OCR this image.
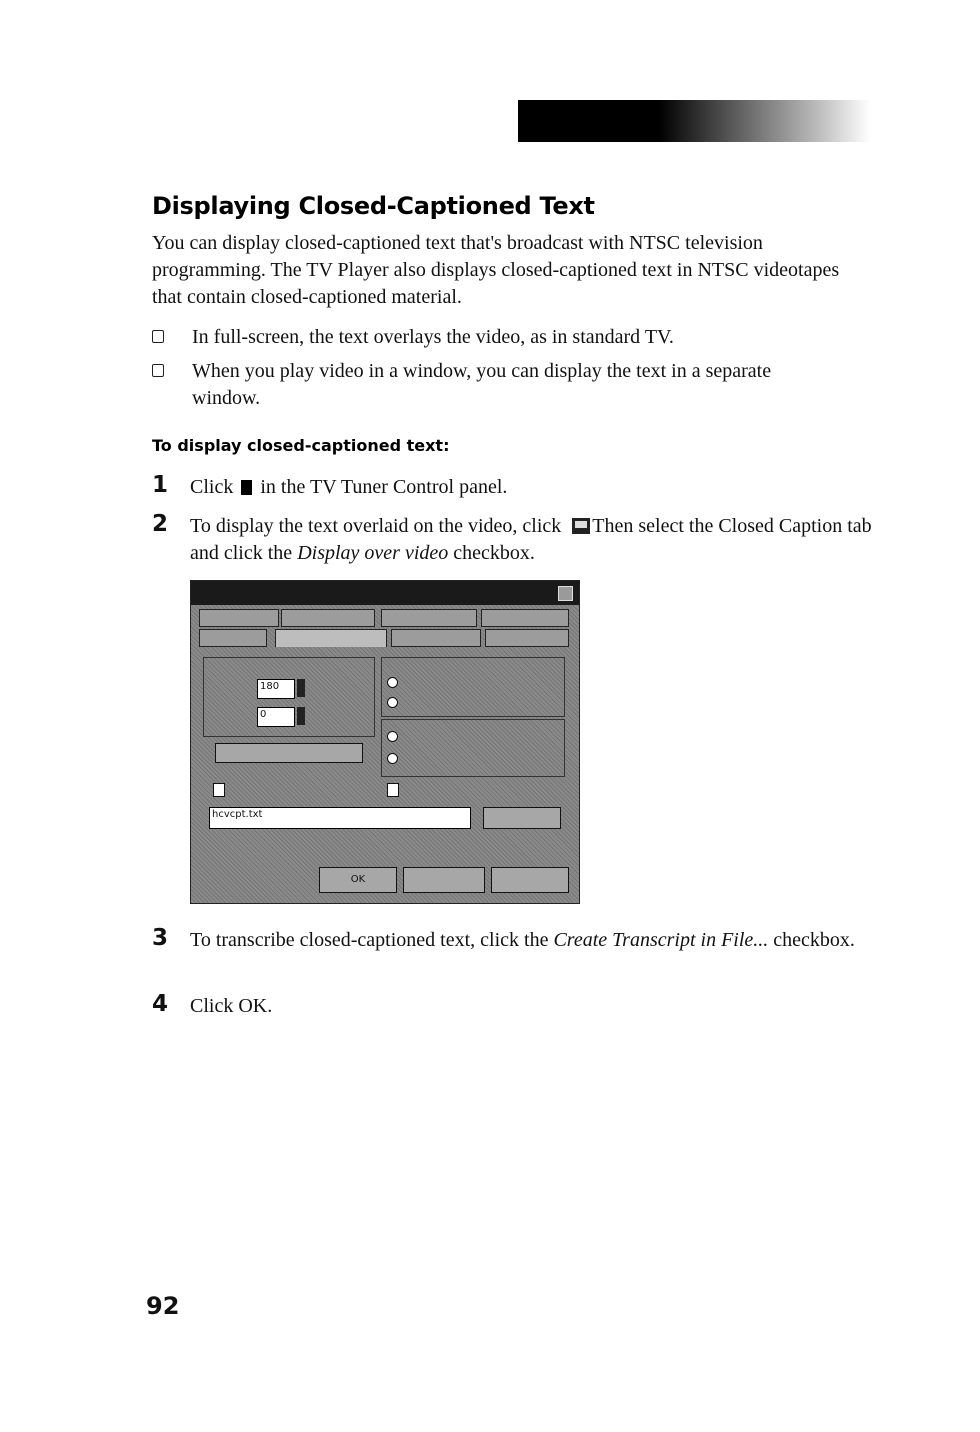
Displaying Closed-Captioned Text

You can display closed-captioned text that's broadcast with NTSC television programming. The TV Player also displays closed-captioned text in NTSC videotapes that contain closed-captioned material.

In full-screen, the text overlays the video, as in standard TV.
When you play video in a window, you can display the text in a separate window.
To display closed-captioned text:
1 Click in the TV Tuner Control panel.
2 To display the text overlaid on the video, click Then select the Closed Caption tab and click the Display over video checkbox.
180
0
hcvcpt.txt
OK
3 To transcribe closed-captioned text, click the Create Transcript in File... checkbox.
4 Click OK.
92
